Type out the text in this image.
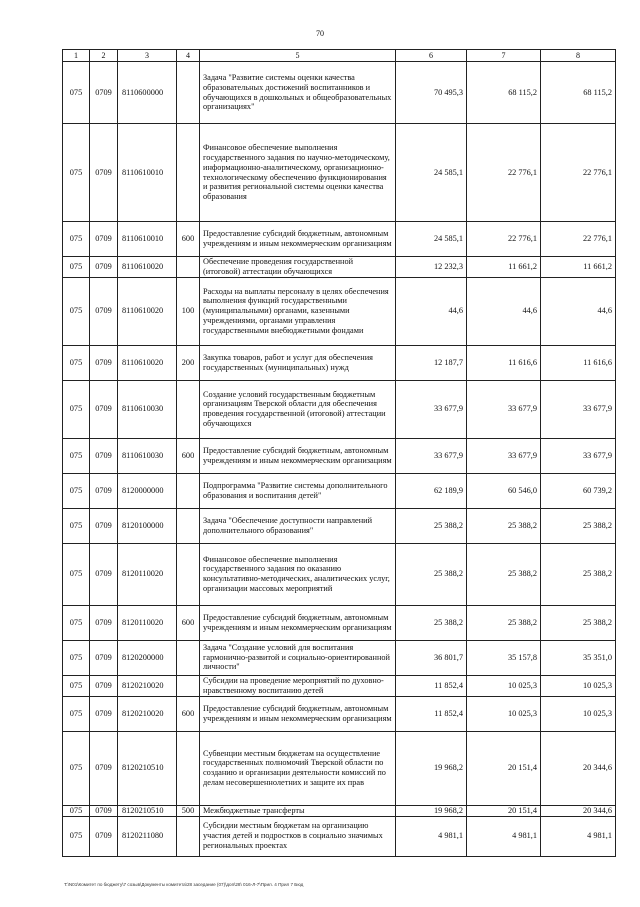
70
1	2	3	4	5	6	7	8
075	0709	8110600000		Задача "Развитие системы оценки качества образовательных достижений воспитанников и обучающихся в дошкольных и общеобразовательных организациях"	70 495,3	68 115,2	68 115,2
075	0709	8110610010		Финансовое обеспечение выполнения государственного задания по научно-методическому, информационно-аналитическому, организационно-технологическому обеспечению функционирования и развития региональной системы оценки качества образования	24 585,1	22 776,1	22 776,1
075	0709	8110610010	600	Предоставление субсидий бюджетным, автономным учреждениям и иным некоммерческим организациям	24 585,1	22 776,1	22 776,1
075	0709	8110610020		Обеспечение проведения государственной (итоговой) аттестации обучающихся	12 232,3	11 661,2	11 661,2
075	0709	8110610020	100	Расходы на выплаты персоналу в целях обеспечения выполнения функций государственными (муниципальными) органами, казенными учреждениями, органами управления государственными внебюджетными фондами	44,6	44,6	44,6
075	0709	8110610020	200	Закупка товаров, работ и услуг для обеспечения государственных (муниципальных) нужд	12 187,7	11 616,6	11 616,6
075	0709	8110610030		Создание условий государственным бюджетным организациям Тверской области для обеспечения проведения государственной (итоговой) аттестации обучающихся	33 677,9	33 677,9	33 677,9
075	0709	8110610030	600	Предоставление субсидий бюджетным, автономным учреждениям и иным некоммерческим организациям	33 677,9	33 677,9	33 677,9
075	0709	8120000000		Подпрограмма "Развитие системы дополнительного образования и воспитания детей"	62 189,9	60 546,0	60 739,2
075	0709	8120100000		Задача "Обеспечение доступности направлений дополнительного образования"	25 388,2	25 388,2	25 388,2
075	0709	8120110020		Финансовое обеспечение выполнения государственного задания по оказанию консультативно-методических, аналитических услуг, организации массовых мероприятий	25 388,2	25 388,2	25 388,2
075	0709	8120110020	600	Предоставление субсидий бюджетным, автономным учреждениям и иным некоммерческим организациям	25 388,2	25 388,2	25 388,2
075	0709	8120200000		Задача "Создание условий для воспитания гармонично-развитой и социально-ориентированной личности"	36 801,7	35 157,8	35 351,0
075	0709	8120210020		Субсидии на проведение мероприятий по духовно-нравственному воспитанию детей	11 852,4	10 025,3	10 025,3
075	0709	8120210020	600	Предоставление субсидий бюджетным, автономным учреждениям и иным некоммерческим организациям	11 852,4	10 025,3	10 025,3
075	0709	8120210510		Субвенции местным бюджетам на осуществление государственных полномочий Тверской области по созданию и организации деятельности комиссий по делам несовершеннолетних и защите их прав	19 968,2	20 151,4	20 344,6
075	0709	8120210510	500	Межбюджетные трансферты	19 968,2	20 151,4	20 344,6
075	0709	8120211080		Субсидии местным бюджетам на организацию участия детей и подростков в социально значимых региональных проектах	4 981,1	4 981,1	4 981,1
T:\N01\Комитет по бюджету\7 созыв\Документы комитета\28 заседание (07)\доп\28\ 016-Л-7\Прил. 4 Прил 7 Бюд
